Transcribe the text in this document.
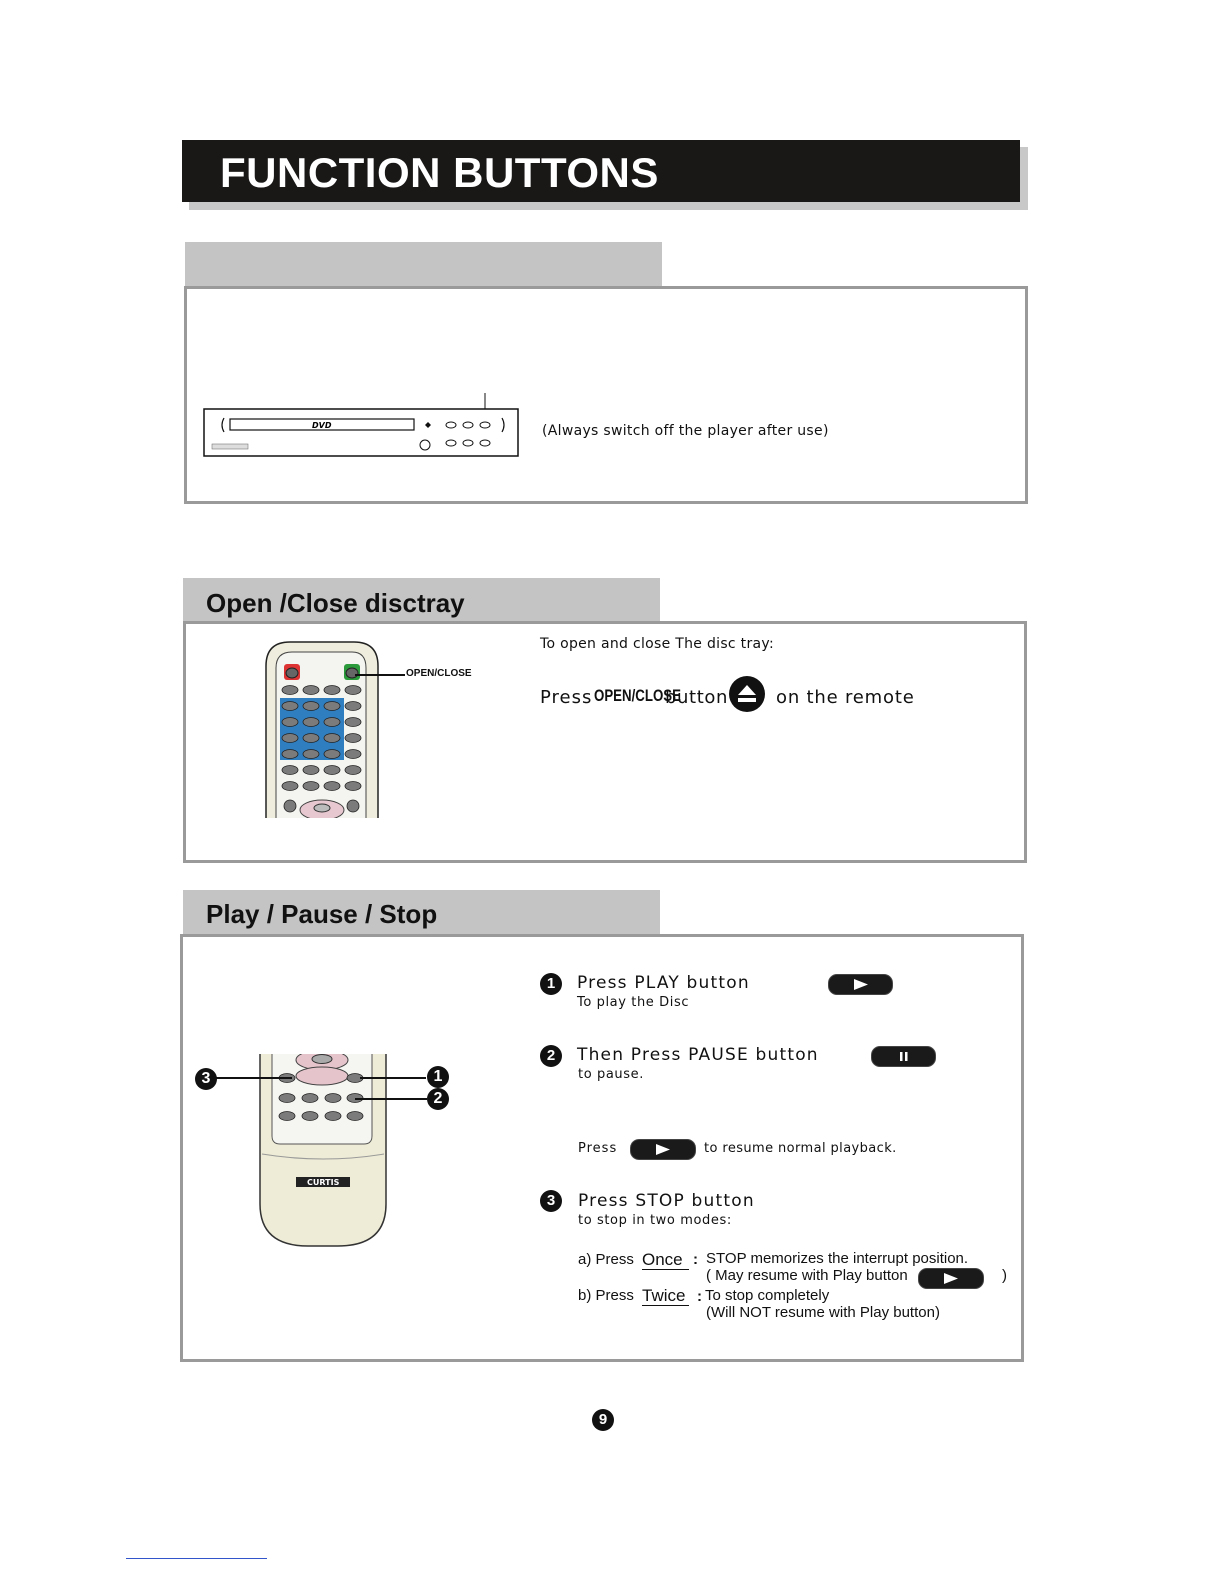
FUNCTION BUTTONS
DVD	(Always switch off the player after use)
Open /Close disctray
OPEN/CLOSE
To open and close The disc tray:
Press OPEN/CLOSE
button	on the remote
Play / Pause / Stop
CURTIS
3	1
2
1	Press PLAY button
To play the Disc
2	Then Press PAUSE button
to pause.
Press	to resume normal playback.
3	Press STOP button
to stop in two modes:
a) Press Once : STOP memorizes the interrupt position.
( May resume with Play button	)
b) Press Twice : To stop completely
(Will NOT resume with Play button)
9
